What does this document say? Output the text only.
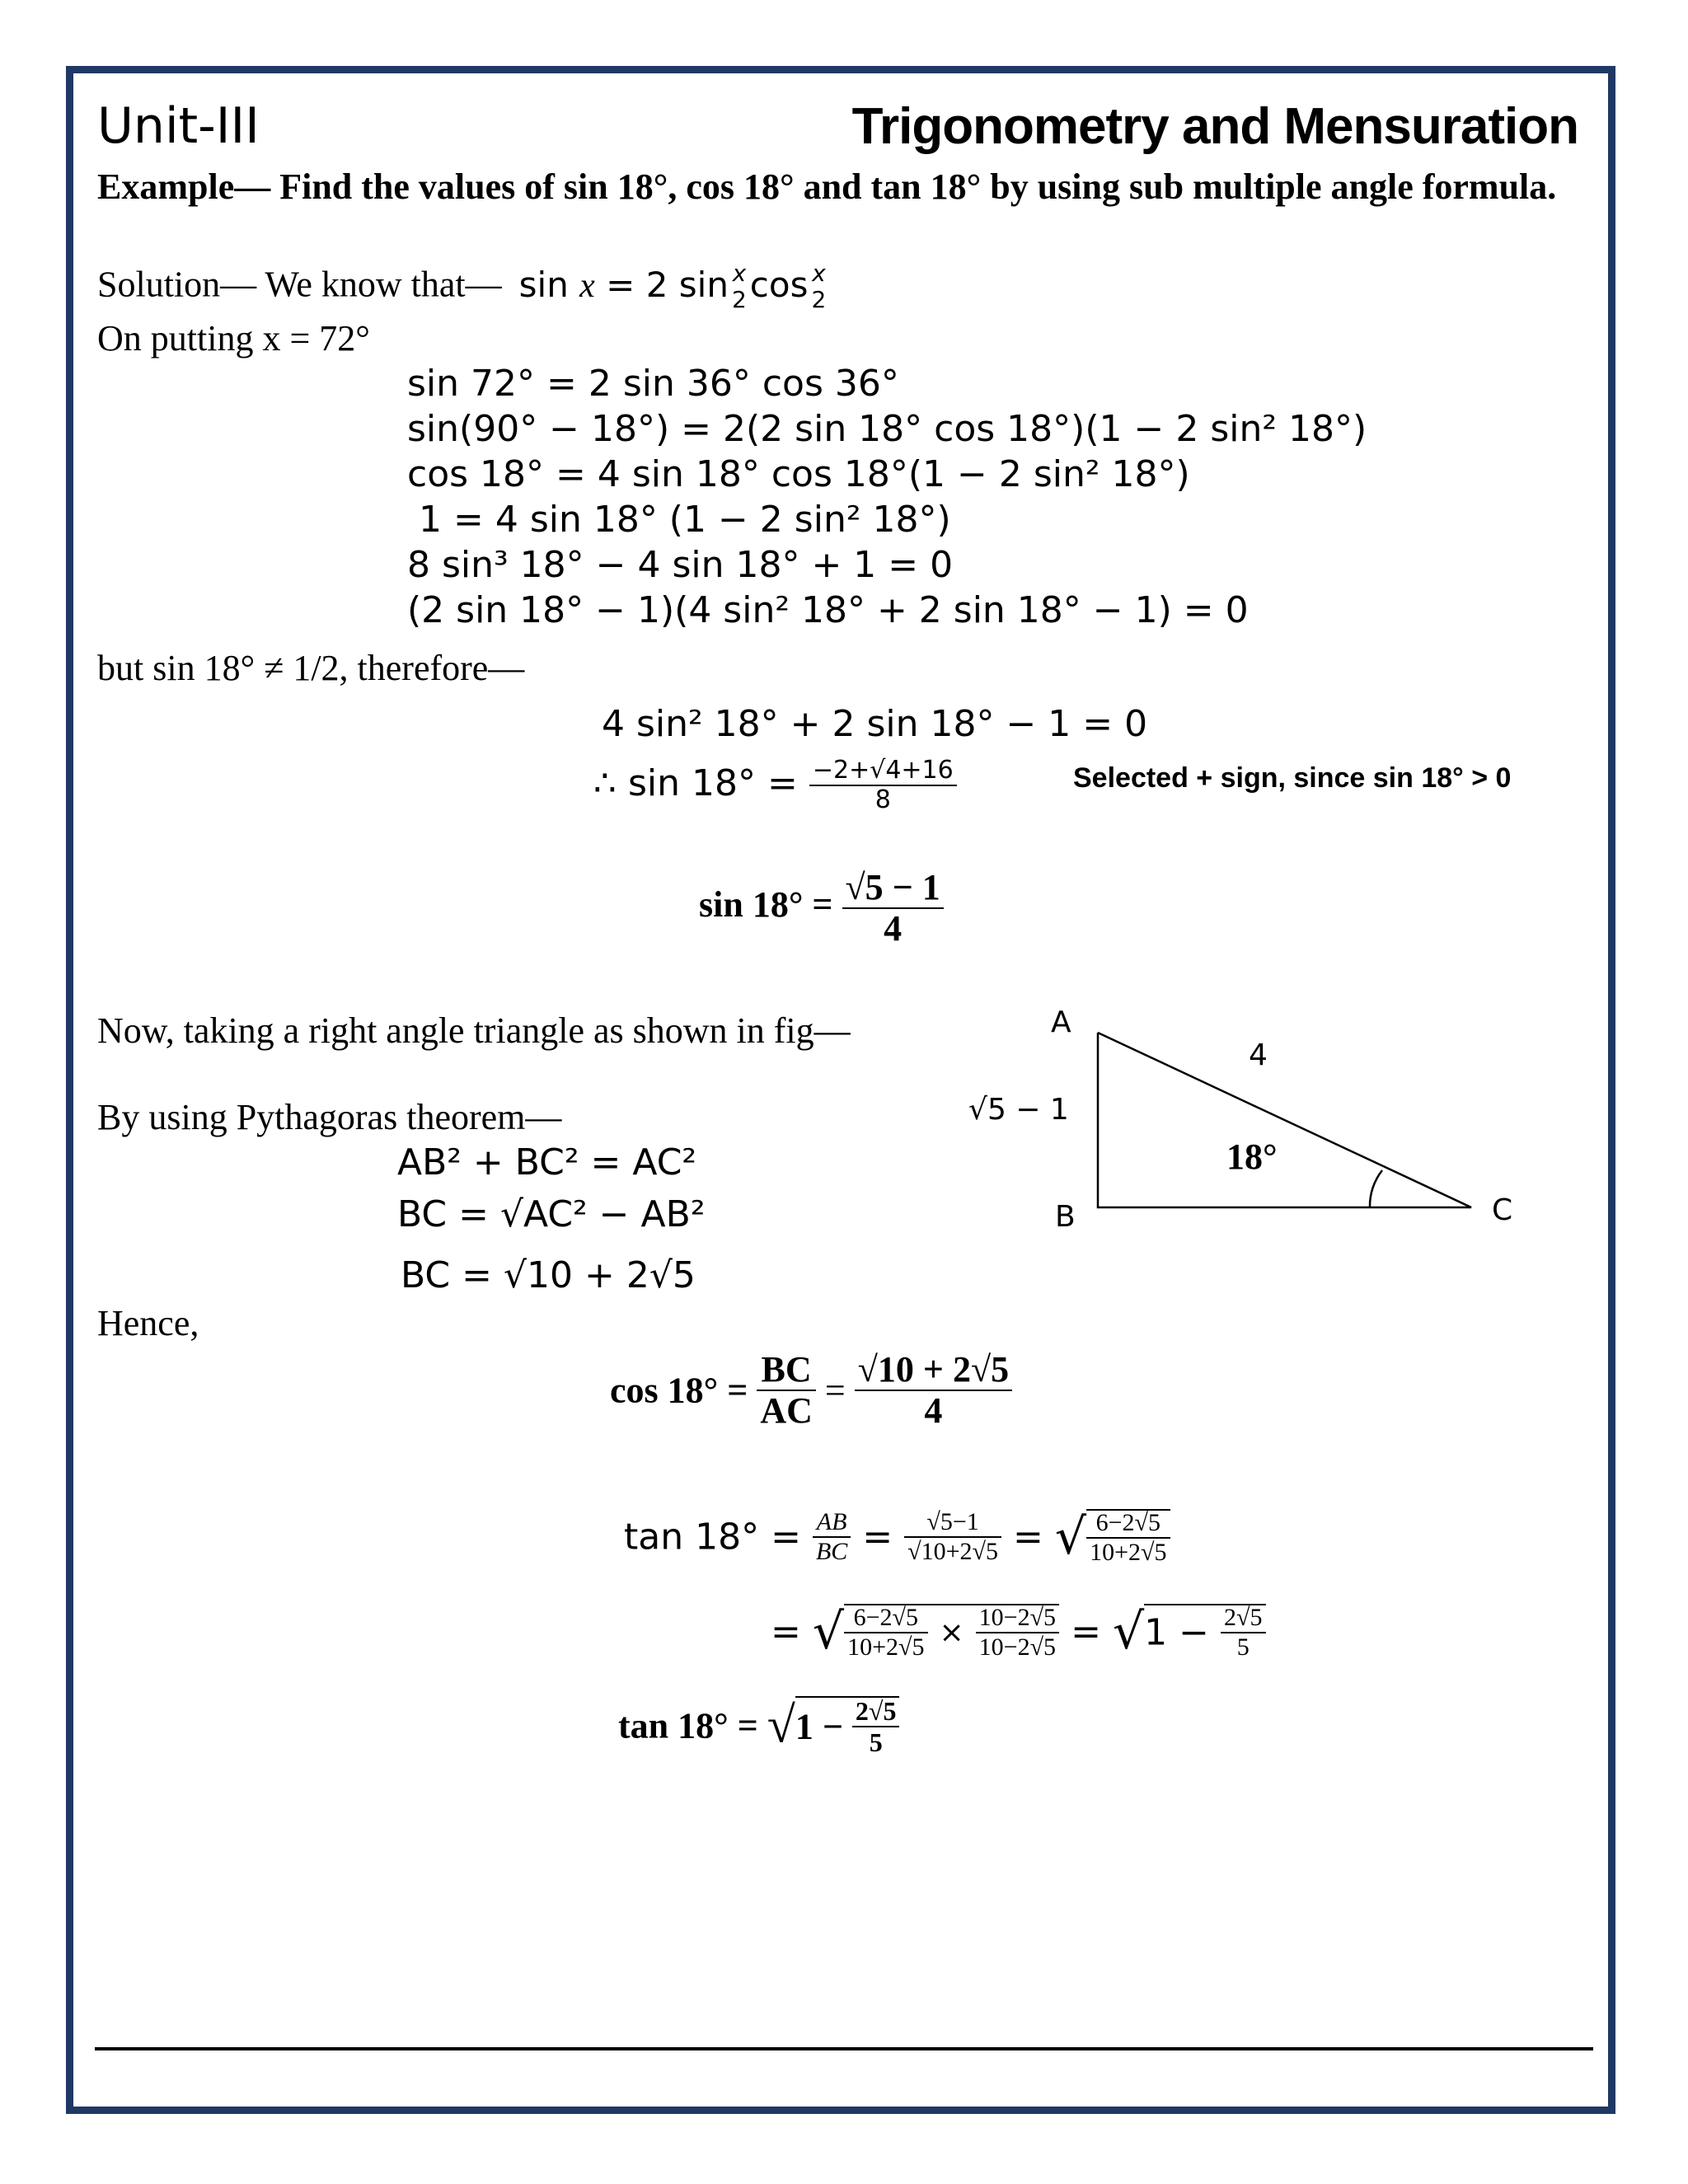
Unit-III	Trigonometry and Mensuration
Example— Find the values of sin 18°, cos 18° and tan 18° by using sub multiple angle formula.
Solution— We know that— sin x = 2 sin x
2 cos x
2
On putting x = 72°
sin 72° = 2 sin 36° cos 36°
sin(90° − 18°) = 2(2 sin 18° cos 18°)(1 − 2 sin² 18°)
cos 18° = 4 sin 18° cos 18°(1 − 2 sin² 18°)
1 = 4 sin 18° (1 − 2 sin² 18°)
8 sin³ 18° − 4 sin 18° + 1 = 0
(2 sin 18° − 1)(4 sin² 18° + 2 sin 18° − 1) = 0
but sin 18° ≠ 1/2, therefore—
4 sin² 18° + 2 sin 18° − 1 = 0
∴ $\sin 18^\circ = \frac{-2+√4+16}{8}$	Selected + sign, since sin 18° > 0
$\sin 18^\circ = \frac{√5 - 1}{4}$
Now, taking a right angle triangle as shown in fig—
By using Pythagoras theorem—
AB² + BC² = AC²
BC = √AC² − AB²
BC = √10 + 2√5
Hence,
A
B	C
4
√5 − 1
18°
$\cos 18^\circ = \frac{BC}{AC} = \frac{√10 + 2√5}{4}$
$\tan 18^\circ = \frac{AB}{BC} = \frac{√5-1}{√10+2√5}$ = √ $\frac{6-2√5}{10+2√5}$
= √ $\frac{6-2√5}{10+2√5} \times \frac{10-2√5}{10-2√5} = √1 - \frac{2√5}{5}$
$\tan 18^\circ = √1 - \frac{2√5}{5}$
